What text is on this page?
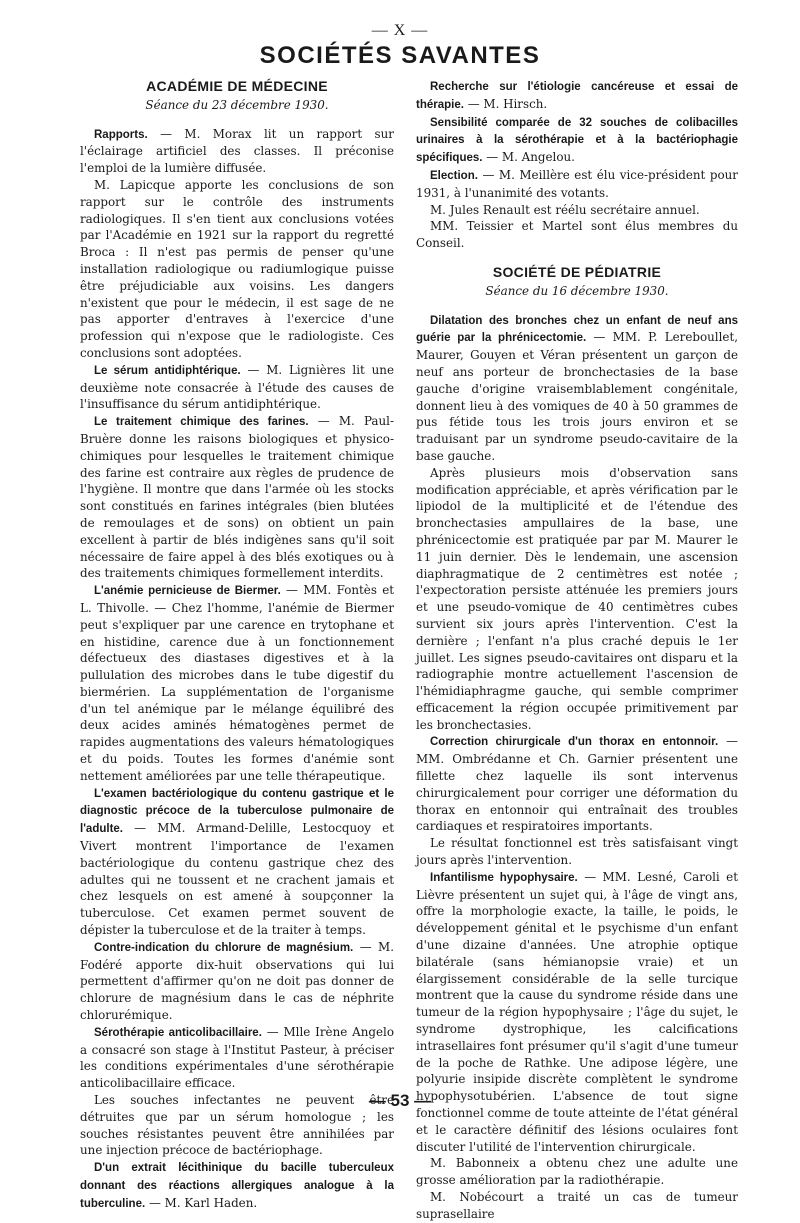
— X —
SOCIÉTÉS SAVANTES
ACADÉMIE DE MÉDECINE
Séance du 23 décembre 1930.

Rapports. — M. Morax lit un rapport sur l'éclairage artificiel des classes. Il préconise l'emploi de la lumière diffusée.

M. Lapicque apporte les conclusions de son rapport sur le contrôle des instruments radiologiques. Il s'en tient aux conclusions votées par l'Académie en 1921 sur la rapport du regretté Broca : Il n'est pas permis de penser qu'une installation radiologique ou radiumlogique puisse être préjudiciable aux voisins. Les dangers n'existent que pour le médecin, il est sage de ne pas apporter d'entraves à l'exercice d'une profession qui n'expose que le radiologiste. Ces conclusions sont adoptées.

Le sérum antidiphtérique. — M. Lignières lit une deuxième note consacrée à l'étude des causes de l'insuffisance du sérum antidiphtérique.

Le traitement chimique des farines. — M. Paul-Bruère donne les raisons biologiques et physico-chimiques pour lesquelles le traitement chimique des farine est contraire aux règles de prudence de l'hygiène. Il montre que dans l'armée où les stocks sont constitués en farines intégrales (bien blutées de remoulages et de sons) on obtient un pain excellent à partir de blés indigènes sans qu'il soit nécessaire de faire appel à des blés exotiques ou à des traitements chimiques formellement interdits.

L'anémie pernicieuse de Biermer. — MM. Fontès et L. Thivolle. — Chez l'homme, l'anémie de Biermer peut s'expliquer par une carence en trytophane et en histidine, carence due à un fonctionnement défectueux des diastases digestives et à la pullulation des microbes dans le tube digestif du biermérien. La supplémentation de l'organisme d'un tel anémique par le mélange équilibré des deux acides aminés hématogènes permet de rapides augmentations des valeurs hématologiques et du poids. Toutes les formes d'anémie sont nettement améliorées par une telle thérapeutique.

L'examen bactériologique du contenu gastrique et le diagnostic précoce de la tuberculose pulmonaire de l'adulte. — MM. Armand-Delille, Lestocquoy et Vivert montrent l'importance de l'examen bactériologique du contenu gastrique chez des adultes qui ne toussent et ne crachent jamais et chez lesquels on est amené à soupçonner la tuberculose. Cet examen permet souvent de dépister la tuberculose et de la traiter à temps.

Contre-indication du chlorure de magnésium. — M. Fodéré apporte dix-huit observations qui lui permettent d'affirmer qu'on ne doit pas donner de chlorure de magnésium dans le cas de néphrite chlorurémique.

Sérothérapie anticolibacillaire. — Mlle Irène Angelo a consacré son stage à l'Institut Pasteur, à préciser les conditions expérimentales d'une sérothérapie anticolibacillaire efficace.

Les souches infectantes ne peuvent être détruites que par un sérum homologue ; les souches résistantes peuvent être annihilées par une injection précoce de bactériophage.

D'un extrait lécithinique du bacille tuberculeux donnant des réactions allergiques analogue à la tuberculine. — M. Karl Haden.

Recherche sur l'étiologie cancéreuse et essai de thérapie. — M. Hirsch.

Sensibilité comparée de 32 souches de colibacilles urinaires à la sérothérapie et à la bactériophagie spécifiques. — M. Angelou.

Election. — M. Meillère est élu vice-président pour 1931, à l'unanimité des votants.

M. Jules Renault est réélu secrétaire annuel.

MM. Teissier et Martel sont élus membres du Conseil.

SOCIÉTÉ DE PÉDIATRIE
Séance du 16 décembre 1930.

Dilatation des bronches chez un enfant de neuf ans guérie par la phrénicectomie. — MM. P. Lereboullet, Maurer, Gouyen et Véran présentent un garçon de neuf ans porteur de bronchectasies de la base gauche d'origine vraisemblablement congénitale, donnent lieu à des vomiques de 40 à 50 grammes de pus fétide tous les trois jours environ et se traduisant par un syndrome pseudo-cavitaire de la base gauche.

Après plusieurs mois d'observation sans modification appréciable, et après vérification par le lipiodol de la multiplicité et de l'étendue des bronchectasies ampullaires de la base, une phrénicectomie est pratiquée par par M. Maurer le 11 juin dernier. Dès le lendemain, une ascension diaphragmatique de 2 centimètres est notée ; l'expectoration persiste atténuée les premiers jours et une pseudo-vomique de 40 centimètres cubes survient six jours après l'intervention. C'est la dernière ; l'enfant n'a plus craché depuis le 1er juillet. Les signes pseudo-cavitaires ont disparu et la radiographie montre actuellement l'ascension de l'hémidiaphragme gauche, qui semble comprimer efficacement la région occupée primitivement par les bronchectasies.

Correction chirurgicale d'un thorax en entonnoir. — MM. Ombrédanne et Ch. Garnier présentent une fillette chez laquelle ils sont intervenus chirurgicalement pour corriger une déformation du thorax en entonnoir qui entraînait des troubles cardiaques et respiratoires importants.

Le résultat fonctionnel est très satisfaisant vingt jours après l'intervention.

Infantilisme hypophysaire. — MM. Lesné, Caroli et Lièvre présentent un sujet qui, à l'âge de vingt ans, offre la morphologie exacte, la taille, le poids, le développement génital et le psychisme d'un enfant d'une dizaine d'années. Une atrophie optique bilatérale (sans hémianopsie vraie) et un élargissement considérable de la selle turcique montrent que la cause du syndrome réside dans une tumeur de la région hypophysaire ; l'âge du sujet, le syndrome dystrophique, les calcifications intrasellaires font présumer qu'il s'agit d'une tumeur de la poche de Rathke. Une adipose légère, une polyurie insipide discrète complètent le syndrome hypophysotubérien. L'absence de tout signe fonctionnel comme de toute atteinte de l'état général et le caractère définitif des lésions oculaires font discuter l'utilité de l'intervention chirurgicale.

M. Babonneix a obtenu chez une adulte une grosse amélioration par la radiothérapie.

M. Nobécourt a traité un cas de tumeur suprasellaire

— 53 —
